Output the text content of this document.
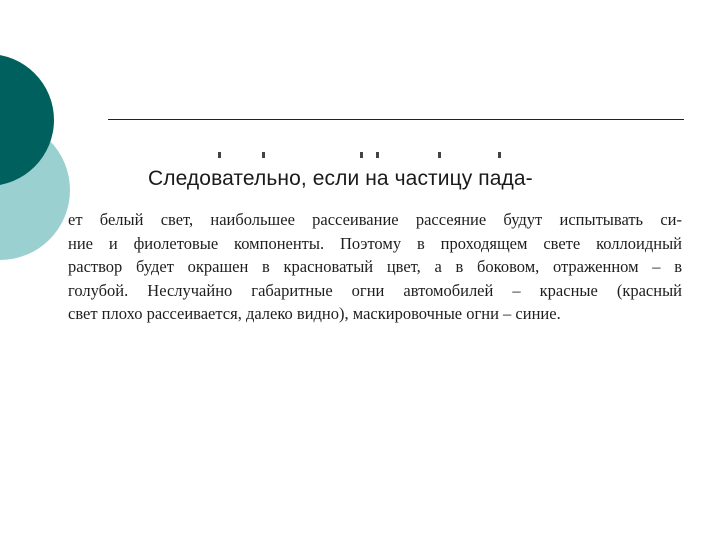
Следовательно, если на частицу пада-
ет белый свет, наибольшее рассеивание рассеяние будут испытывать си-
ние и фиолетовые компоненты. Поэтому в проходящем свете коллоидный
раствор будет окрашен в красноватый цвет, а в боковом, отраженном – в
голубой. Неслучайно габаритные огни автомобилей – красные (красный
свет плохо рассеивается, далеко видно), маскировочные огни – синие.
